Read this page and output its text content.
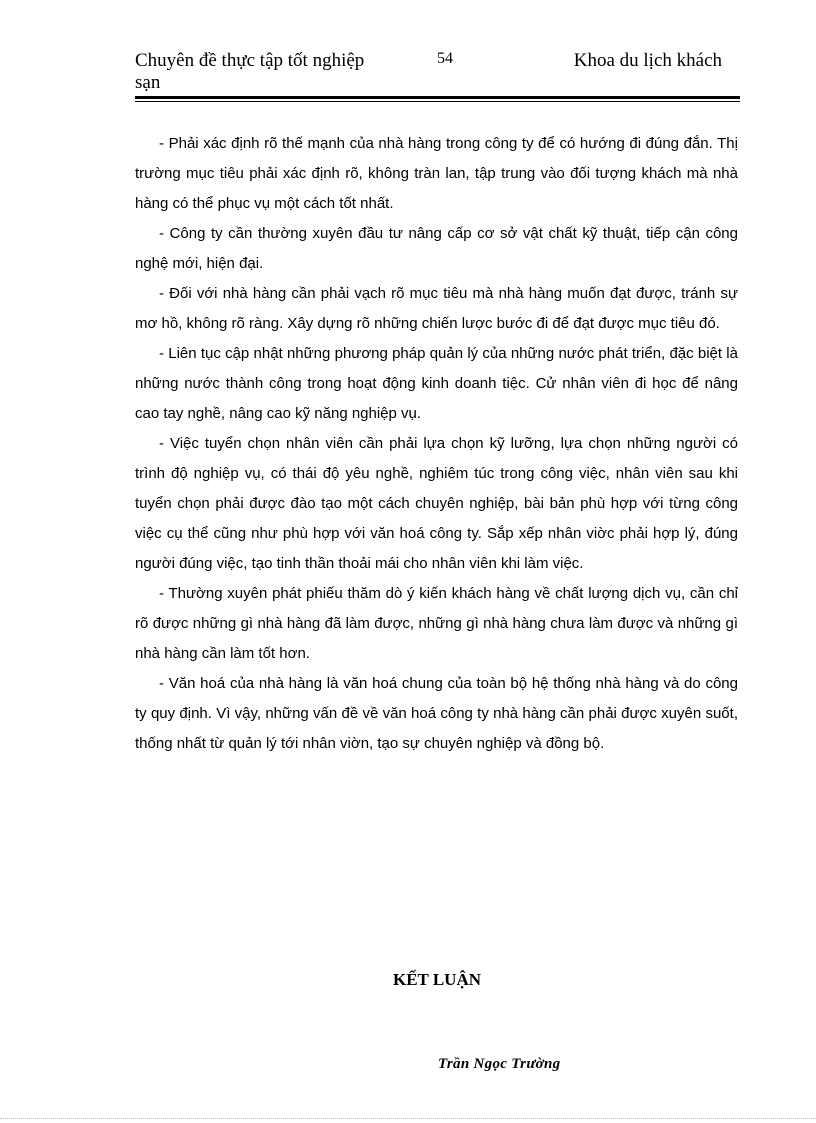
Chuyên đề thực tập tốt nghiệp
sạn
54	Khoa du lịch khách

- Phải xác định rõ thế mạnh của nhà hàng trong công ty để có hướng đi đúng đắn. Thị trường mục tiêu phải xác định rõ, không tràn lan, tập trung vào đối tượng khách mà nhà hàng có thể phục vụ một cách tốt nhất.

- Công ty cần thường xuyên đầu tư nâng cấp cơ sở vật chất kỹ thuật, tiếp cận công nghệ mới, hiện đại.

- Đối với nhà hàng cần phải vạch rõ mục tiêu mà nhà hàng muốn đạt được, tránh sự mơ hồ, không rõ ràng. Xây dựng rõ những chiến lược bước đi để đạt được mục tiêu đó.

- Liên tục cập nhật những phương pháp quản lý của những nước phát triển, đặc biệt là những nước thành công trong hoạt động kinh doanh tiệc. Cử nhân viên đi học để nâng cao tay nghề, nâng cao kỹ năng nghiệp vụ.

- Việc tuyển chọn nhân viên cần phải lựa chọn kỹ lưỡng, lựa chọn những người có trình độ nghiệp vụ, có thái độ yêu nghề, nghiêm túc trong công việc, nhân viên sau khi tuyển chọn phải được đào tạo một cách chuyên nghiệp, bài bản phù hợp với từng công việc cụ thể cũng như phù hợp với văn hoá công ty. Sắp xếp nhân viờc phải hợp lý, đúng người đúng việc, tạo tinh thần thoải mái cho nhân viên khi làm việc.

- Thường xuyên phát phiếu thăm dò ý kiến khách hàng về chất lượng dịch vụ, cần chỉ rõ được những gì nhà hàng đã làm được, những gì nhà hàng chưa làm được và những gì nhà hàng cần làm tốt hơn.

- Văn hoá của nhà hàng là văn hoá chung của toàn bộ hệ thống nhà hàng và do công ty quy định. Vì vậy, những vấn đề về văn hoá công ty nhà hàng cần phải được xuyên suốt, thống nhất từ quản lý tới nhân viờn, tạo sự chuyên nghiệp và đồng bộ.

KẾT LUẬN
Trần Ngọc Trường
